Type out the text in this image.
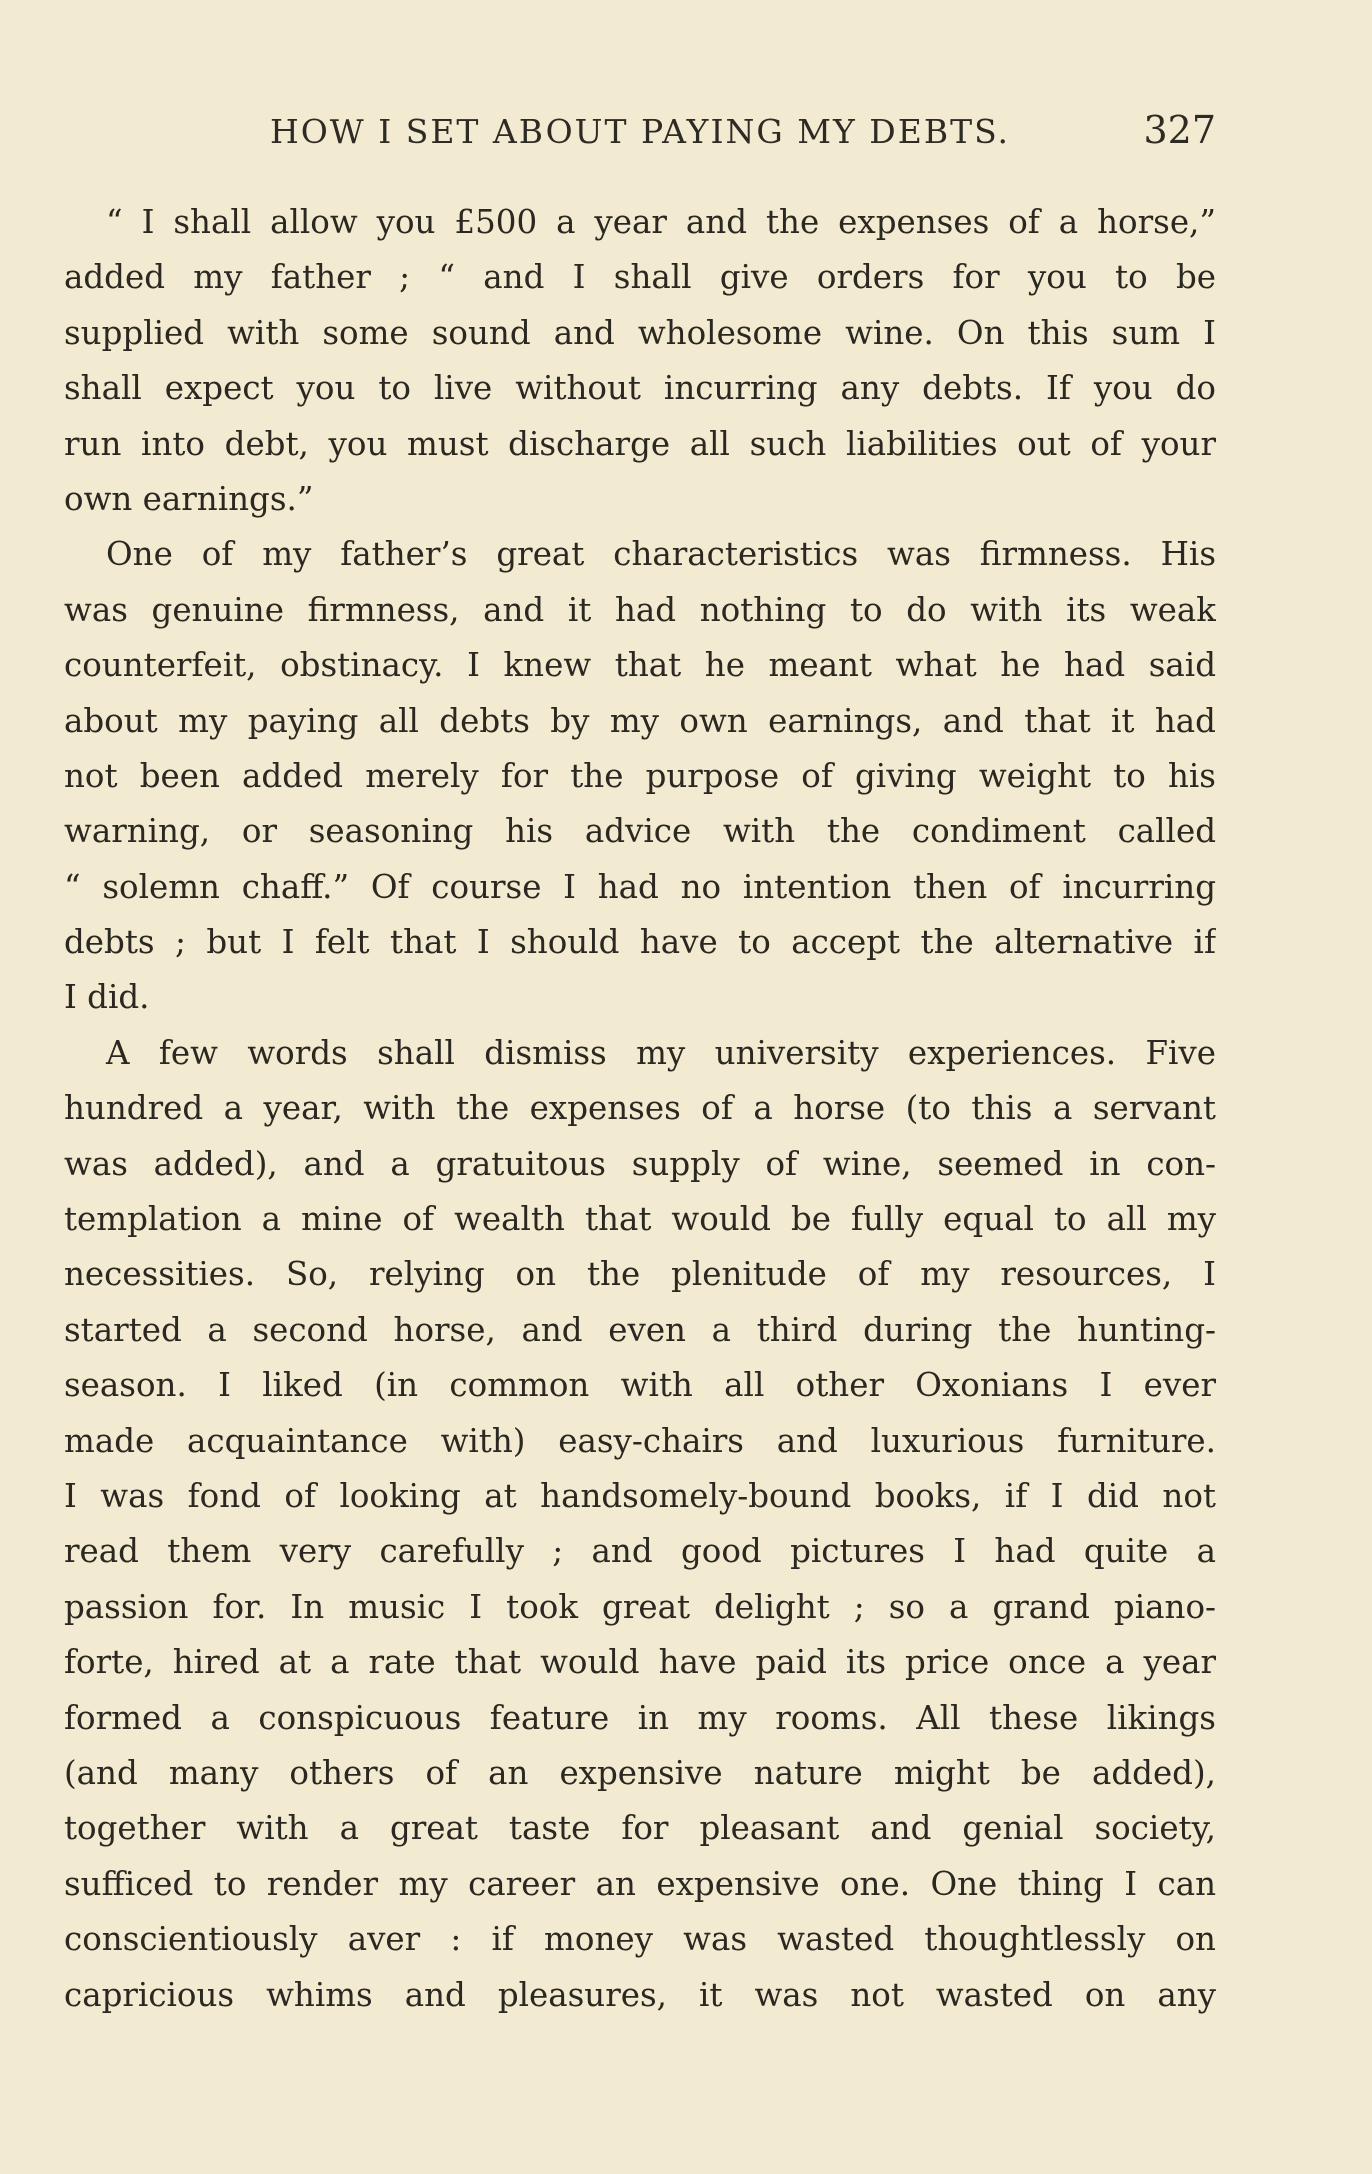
HOW I SET ABOUT PAYING MY DEBTS.	327
“ I shall allow you £500 a year and the expenses of a horse,”
added my father ; “ and I shall give orders for you to be
supplied with some sound and wholesome wine. On this sum I
shall expect you to live without incurring any debts. If you do
run into debt, you must discharge all such liabilities out of your
own earnings.”
One of my father’s great characteristics was firmness. His
was genuine firmness, and it had nothing to do with its weak
counterfeit, obstinacy. I knew that he meant what he had said
about my paying all debts by my own earnings, and that it had
not been added merely for the purpose of giving weight to his
warning, or seasoning his advice with the condiment called
“ solemn chaff.” Of course I had no intention then of incurring
debts ; but I felt that I should have to accept the alternative if
I did.
A few words shall dismiss my university experiences. Five
hundred a year, with the expenses of a horse (to this a servant
was added), and a gratuitous supply of wine, seemed in con-
templation a mine of wealth that would be fully equal to all my
necessities. So, relying on the plenitude of my resources, I
started a second horse, and even a third during the hunting-
season. I liked (in common with all other Oxonians I ever
made acquaintance with) easy-chairs and luxurious furniture.
I was fond of looking at handsomely-bound books, if I did not
read them very carefully ; and good pictures I had quite a
passion for. In music I took great delight ; so a grand piano-
forte, hired at a rate that would have paid its price once a year
formed a conspicuous feature in my rooms. All these likings
(and many others of an expensive nature might be added),
together with a great taste for pleasant and genial society,
sufficed to render my career an expensive one. One thing I can
conscientiously aver : if money was wasted thoughtlessly on
capricious whims and pleasures, it was not wasted on any
